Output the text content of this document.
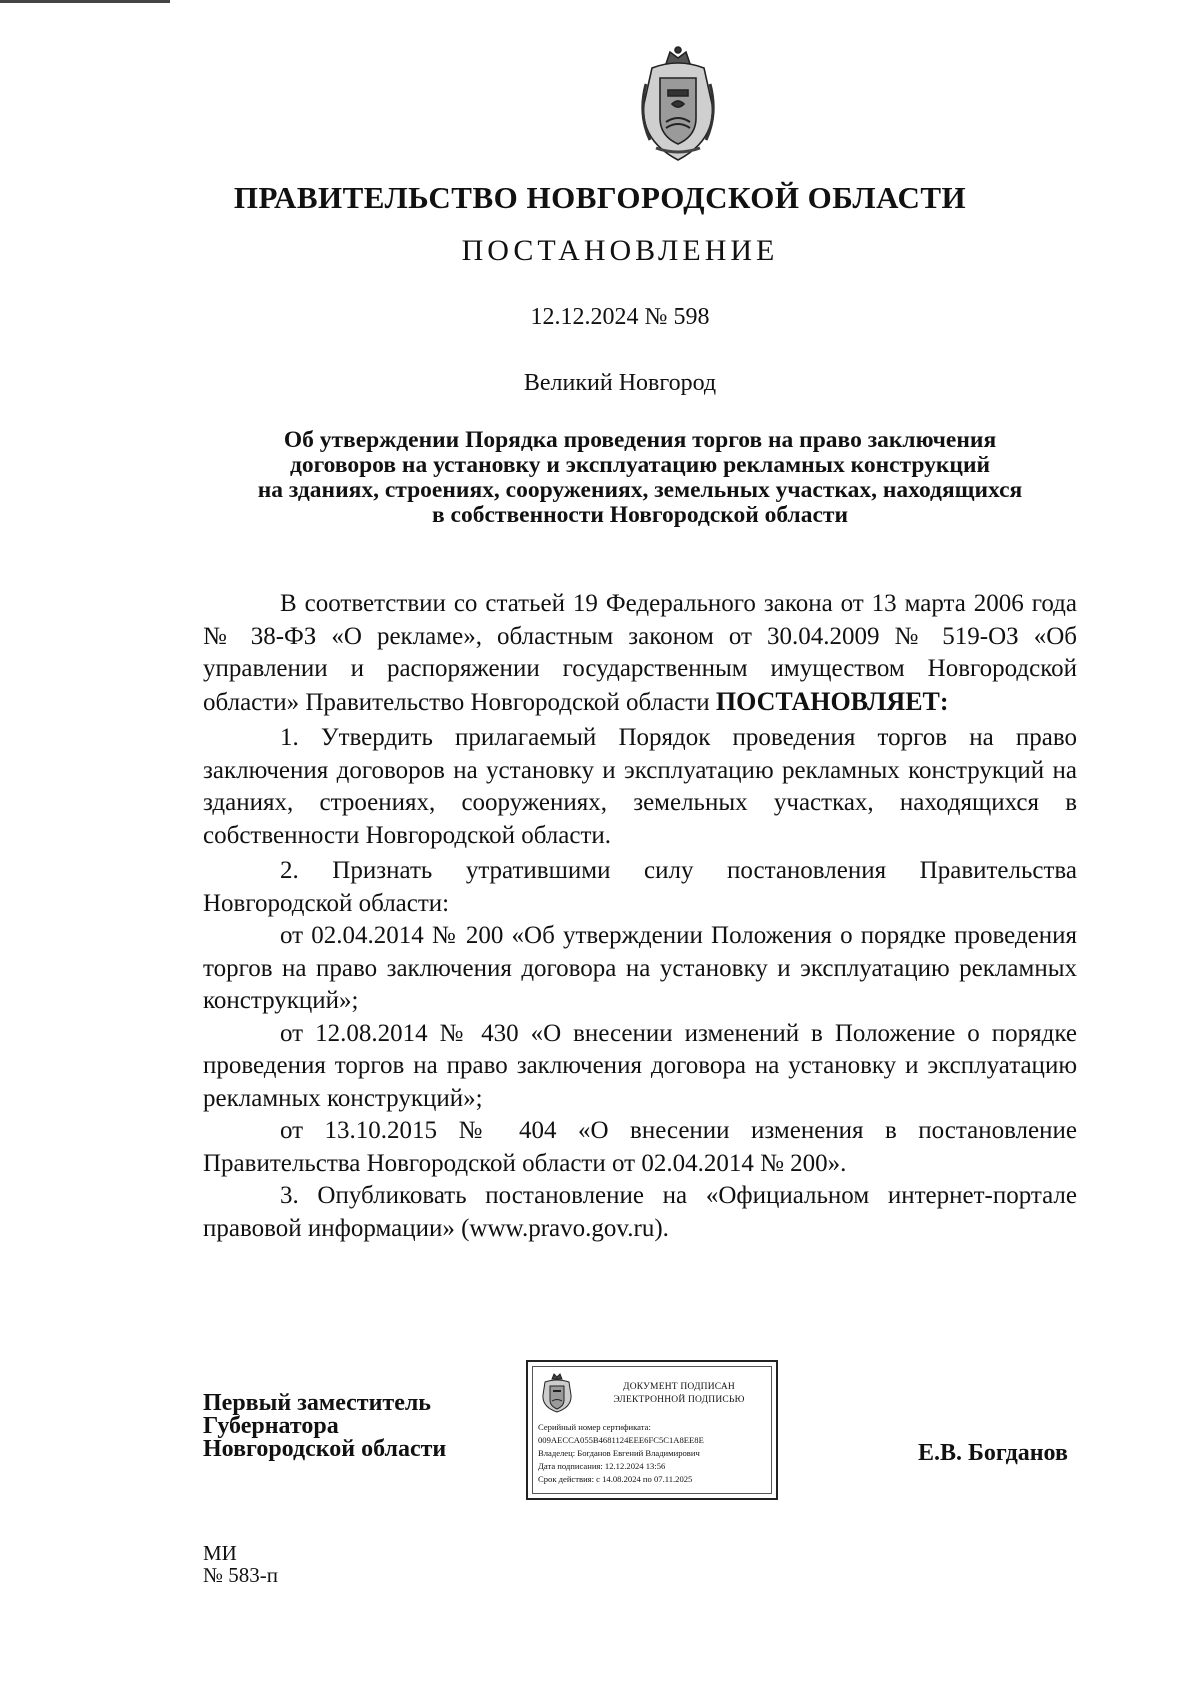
ПРАВИТЕЛЬСТВО НОВГОРОДСКОЙ ОБЛАСТИ
ПОСТАНОВЛЕНИЕ
12.12.2024 № 598
Великий Новгород
Об утверждении Порядка проведения торгов на право заключения
договоров на установку и эксплуатацию рекламных конструкций
на зданиях, строениях, сооружениях, земельных участках, находящихся
в собственности Новгородской области

В соответствии со статьей 19 Федерального закона от 13 марта 2006 года № 38-ФЗ «О рекламе», областным законом от 30.04.2009 № 519-ОЗ «Об управлении и распоряжении государственным имуществом Новгородской области» Правительство Новгородской области ПОСТАНОВЛЯЕТ:

1. Утвердить прилагаемый Порядок проведения торгов на право заключения договоров на установку и эксплуатацию рекламных конструкций на зданиях, строениях, сооружениях, земельных участках, находящихся в собственности Новгородской области.

2. Признать утратившими силу постановления Правительства Новгородской области:

от 02.04.2014 № 200 «Об утверждении Положения о порядке проведения торгов на право заключения договора на установку и эксплуатацию рекламных конструкций»;

от 12.08.2014 № 430 «О внесении изменений в Положение о порядке проведения торгов на право заключения договора на установку и эксплуатацию рекламных конструкций»;

от 13.10.2015 № 404 «О внесении изменения в постановление Правительства Новгородской области от 02.04.2014 № 200».

3. Опубликовать постановление на «Официальном интернет-портале правовой информации» (www.pravo.gov.ru).

Первый заместитель
Губернатора
Новгородской области
ДОКУМЕНТ ПОДПИСАН
ЭЛЕКТРОННОЙ ПОДПИСЬЮ
Серийный номер сертификата:
009AECCA055B4681124EEE6FC5C1A8EE8E
Владелец: Богданов Евгений Владимирович
Дата подписания: 12.12.2024 13:56
Срок действия: с 14.08.2024 по 07.11.2025
Е.В. Богданов
МИ
№ 583-п
